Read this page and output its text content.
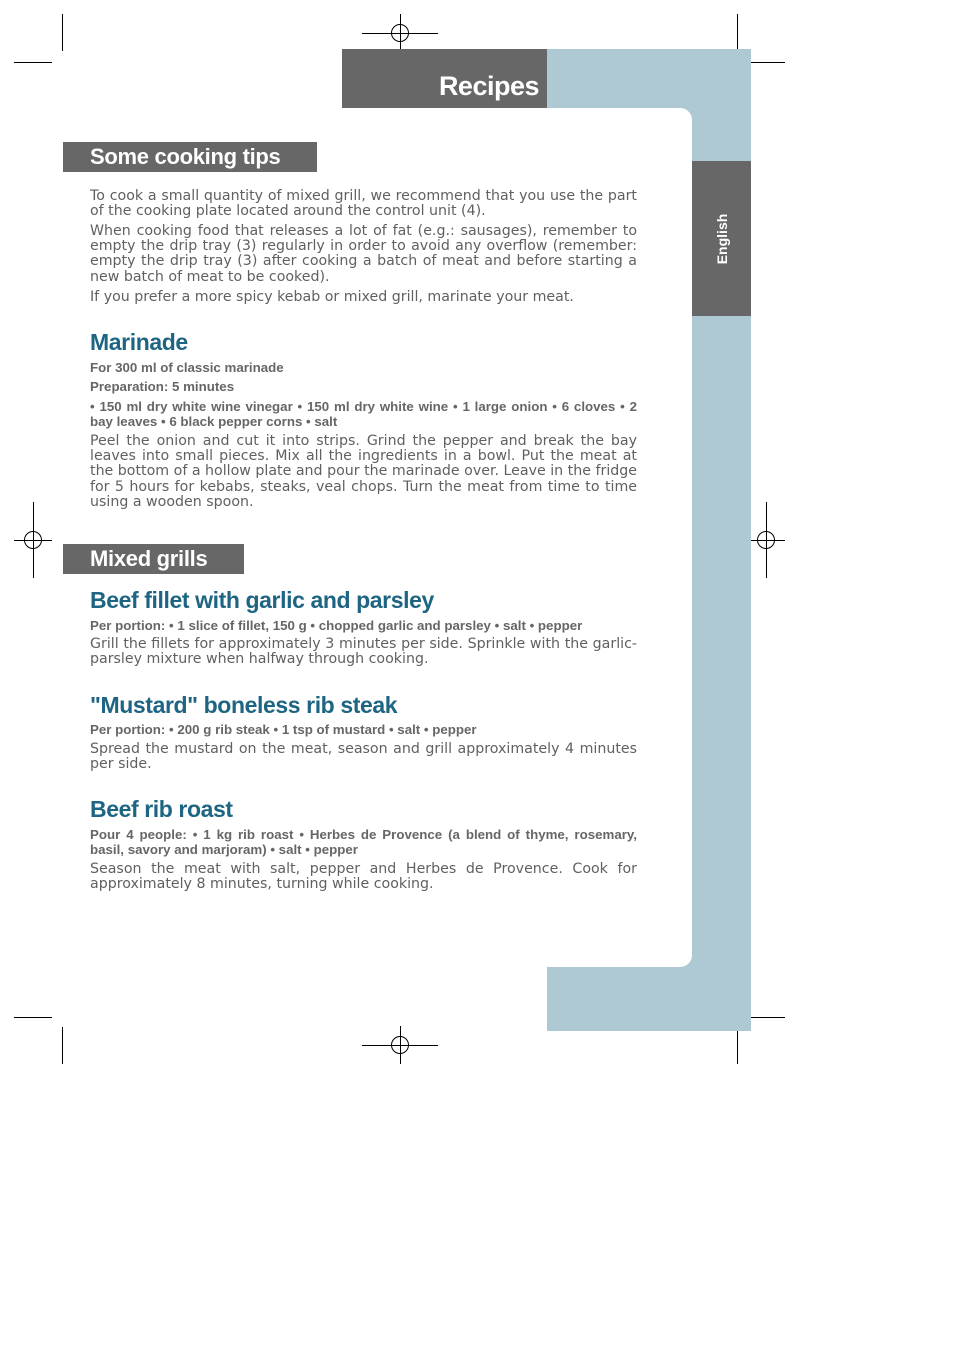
Recipes
English
Some cooking tips

To cook a small quantity of mixed grill, we recommend that you use the part of the cooking plate located around the control unit (4).

When cooking food that releases a lot of fat (e.g.: sausages), remember to empty the drip tray (3) regularly in order to avoid any overflow (remember: empty the drip tray (3) after cooking a batch of meat and before starting a new batch of meat to be cooked).

If you prefer a more spicy kebab or mixed grill, marinate your meat.

Marinade

For 300 ml of classic marinade

Preparation: 5 minutes

• 150 ml dry white wine vinegar • 150 ml dry white wine • 1 large onion • 6 cloves • 2 bay leaves • 6 black pepper corns • salt

Peel the onion and cut it into strips. Grind the pepper and break the bay leaves into small pieces. Mix all the ingredients in a bowl. Put the meat at the bottom of a hollow plate and pour the marinade over. Leave in the fridge for 5 hours for kebabs, steaks, veal chops. Turn the meat from time to time using a wooden spoon.

Mixed grills
Beef fillet with garlic and parsley

Per portion: • 1 slice of fillet, 150 g • chopped garlic and parsley • salt • pepper

Grill the fillets for approximately 3 minutes per side. Sprinkle with the garlic-parsley mixture when halfway through cooking.

"Mustard" boneless rib steak

Per portion: • 200 g rib steak • 1 tsp of mustard • salt • pepper

Spread the mustard on the meat, season and grill approximately 4 minutes per side.

Beef rib roast

Pour 4 people: • 1 kg rib roast • Herbes de Provence (a blend of thyme, rosemary, basil, savory and marjoram) • salt • pepper

Season the meat with salt, pepper and Herbes de Provence. Cook for approximately 8 minutes, turning while cooking.
